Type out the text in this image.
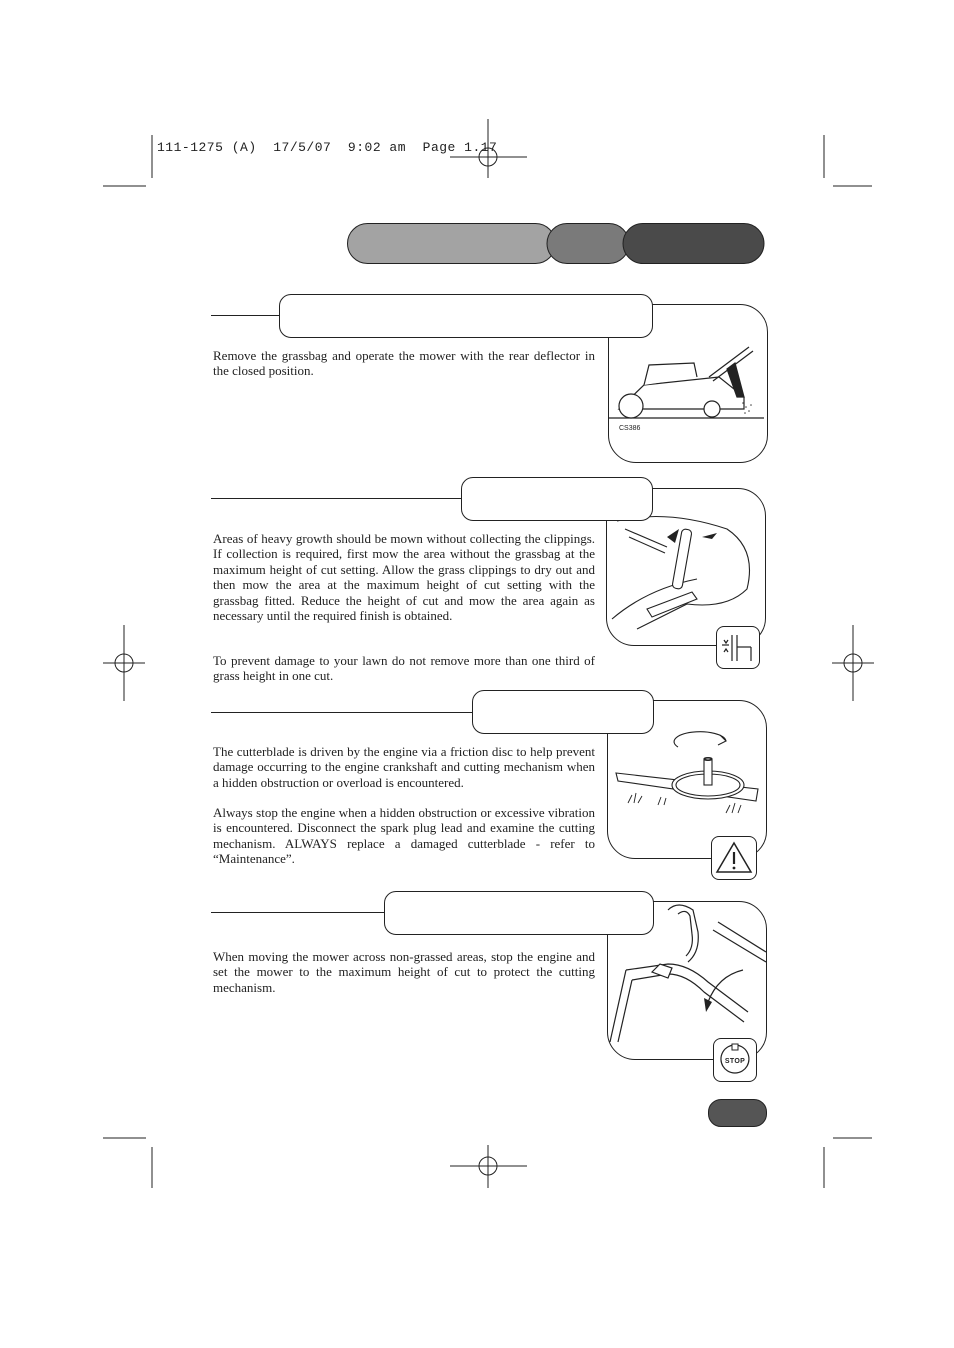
111-1275 (A)  17/5/07  9:02 am  Page 1.17
CS386
Remove the grassbag and operate the mower with the rear deflector in the closed position.
Areas of heavy growth should be mown without collecting the clippings. If collection is required, first mow the area without the grassbag at the maximum height of cut setting. Allow the grass clippings to dry out and then mow the area at the maximum height of cut setting with the grassbag fitted. Reduce the height of cut and mow the area again as necessary until the required finish is obtained.
To prevent damage to your lawn do not remove more than one third of grass height in one cut.
The cutterblade is driven by the engine via a friction disc to help prevent damage occurring to the engine crankshaft and cutting mechanism when a hidden obstruction or overload is encountered.
Always stop the engine when a hidden obstruction or excessive vibration is encountered. Disconnect the spark plug lead and examine the cutting mechanism. ALWAYS replace a damaged cutterblade - refer to “Maintenance”.
STOP
When moving the mower across non-grassed areas, stop the engine and set the mower to the maximum height of cut to protect the cutting mechanism.
